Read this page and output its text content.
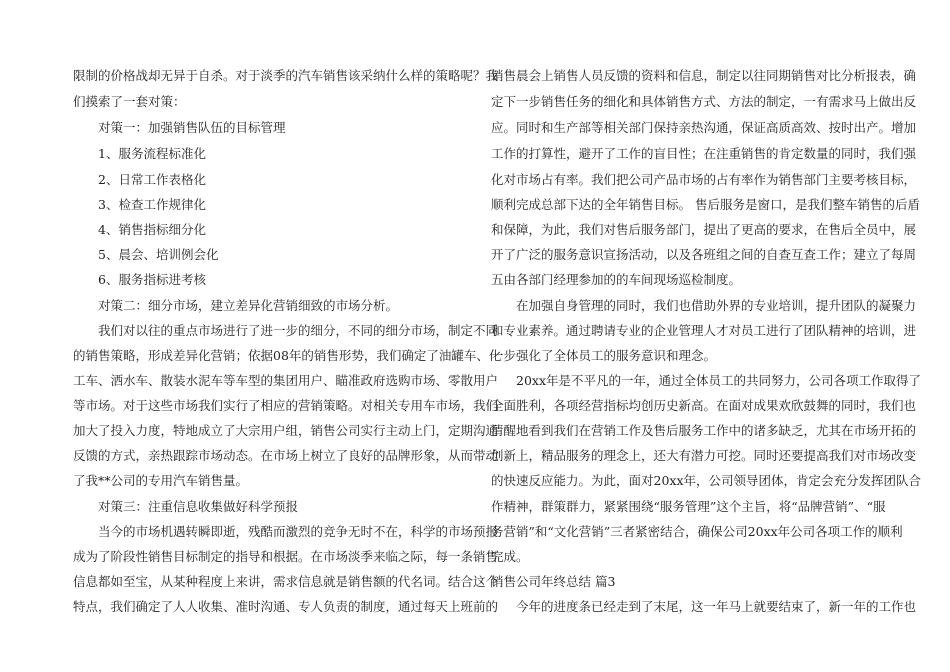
限制的价格战却无异于自杀。对于淡季的汽车销售该采纳什么样的策略呢？我
们摸索了一套对策：
对策一：加强销售队伍的目标管理
1、服务流程标准化
2、日常工作表格化
3、检查工作规律化
4、销售指标细分化
5、晨会、培训例会化
6、服务指标进考核
对策二：细分市场，建立差异化营销细致的市场分析。
我们对以往的重点市场进行了进一步的细分，不同的细分市场，制定不同
的销售策略，形成差异化营销；依据08年的销售形势，我们确定了油罐车、化
工车、洒水车、散装水泥车等车型的集团用户、瞄准政府选购市场、零散用户
等市场。对于这些市场我们实行了相应的营销策略。对相关专用车市场，我们
加大了投入力度，特地成立了大宗用户组，销售公司实行主动上门，定期沟通
反馈的方式，亲热跟踪市场动态。在市场上树立了良好的品牌形象，从而带动
了我**公司的专用汽车销售量。
对策三：注重信息收集做好科学预报
当今的市场机遇转瞬即逝，残酷而激烈的竞争无时不在，科学的市场预报
成为了阶段性销售目标制定的指导和根据。在市场淡季来临之际，每一条销售
信息都如至宝，从某种程度上来讲，需求信息就是销售额的代名词。结合这个
特点，我们确定了人人收集、准时沟通、专人负责的制度，通过每天上班前的
销售晨会上销售人员反馈的资料和信息，制定以往同期销售对比分析报表，确
定下一步销售任务的细化和具体销售方式、方法的制定，一有需求马上做出反
应。同时和生产部等相关部门保持亲热沟通，保证高质高效、按时出产。增加
工作的打算性，避开了工作的盲目性；在注重销售的肯定数量的同时，我们强
化对市场占有率。我们把公司产品市场的占有率作为销售部门主要考核目标，
顺利完成总部下达的全年销售目标。 售后服务是窗口，是我们整车销售的后盾
和保障，为此，我们对售后服务部门，提出了更高的要求，在售后全员中，展
开了广泛的服务意识宣扬活动，以及各班组之间的自查互查工作；建立了每周
五由各部门经理参加的的车间现场巡检制度。
在加强自身管理的同时，我们也借助外界的专业培训，提升团队的凝聚力
和专业素养。通过聘请专业的企业管理人才对员工进行了团队精神的培训，进
一步强化了全体员工的服务意识和理念。
20xx年是不平凡的一年，通过全体员工的共同努力，公司各项工作取得了
全面胜利，各项经营指标均创历史新高。在面对成果欢欣鼓舞的同时，我们也
清醒地看到我们在营销工作及售后服务工作中的诸多缺乏，尤其在市场开拓的
创新上，精品服务的理念上，还大有潜力可挖。同时还要提高我们对市场改变
的快速反应能力。为此，面对20xx年，公司领导团体，肯定会充分发挥团队合
作精神，群策群力，紧紧围绕“服务管理”这个主旨，将“品牌营销”、“服
务营销”和“文化营销”三者紧密结合，确保公司20xx年公司各项工作的顺利
完成。
销售公司年终总结 篇3
今年的进度条已经走到了末尾，这一年马上就要结束了，新一年的工作也
